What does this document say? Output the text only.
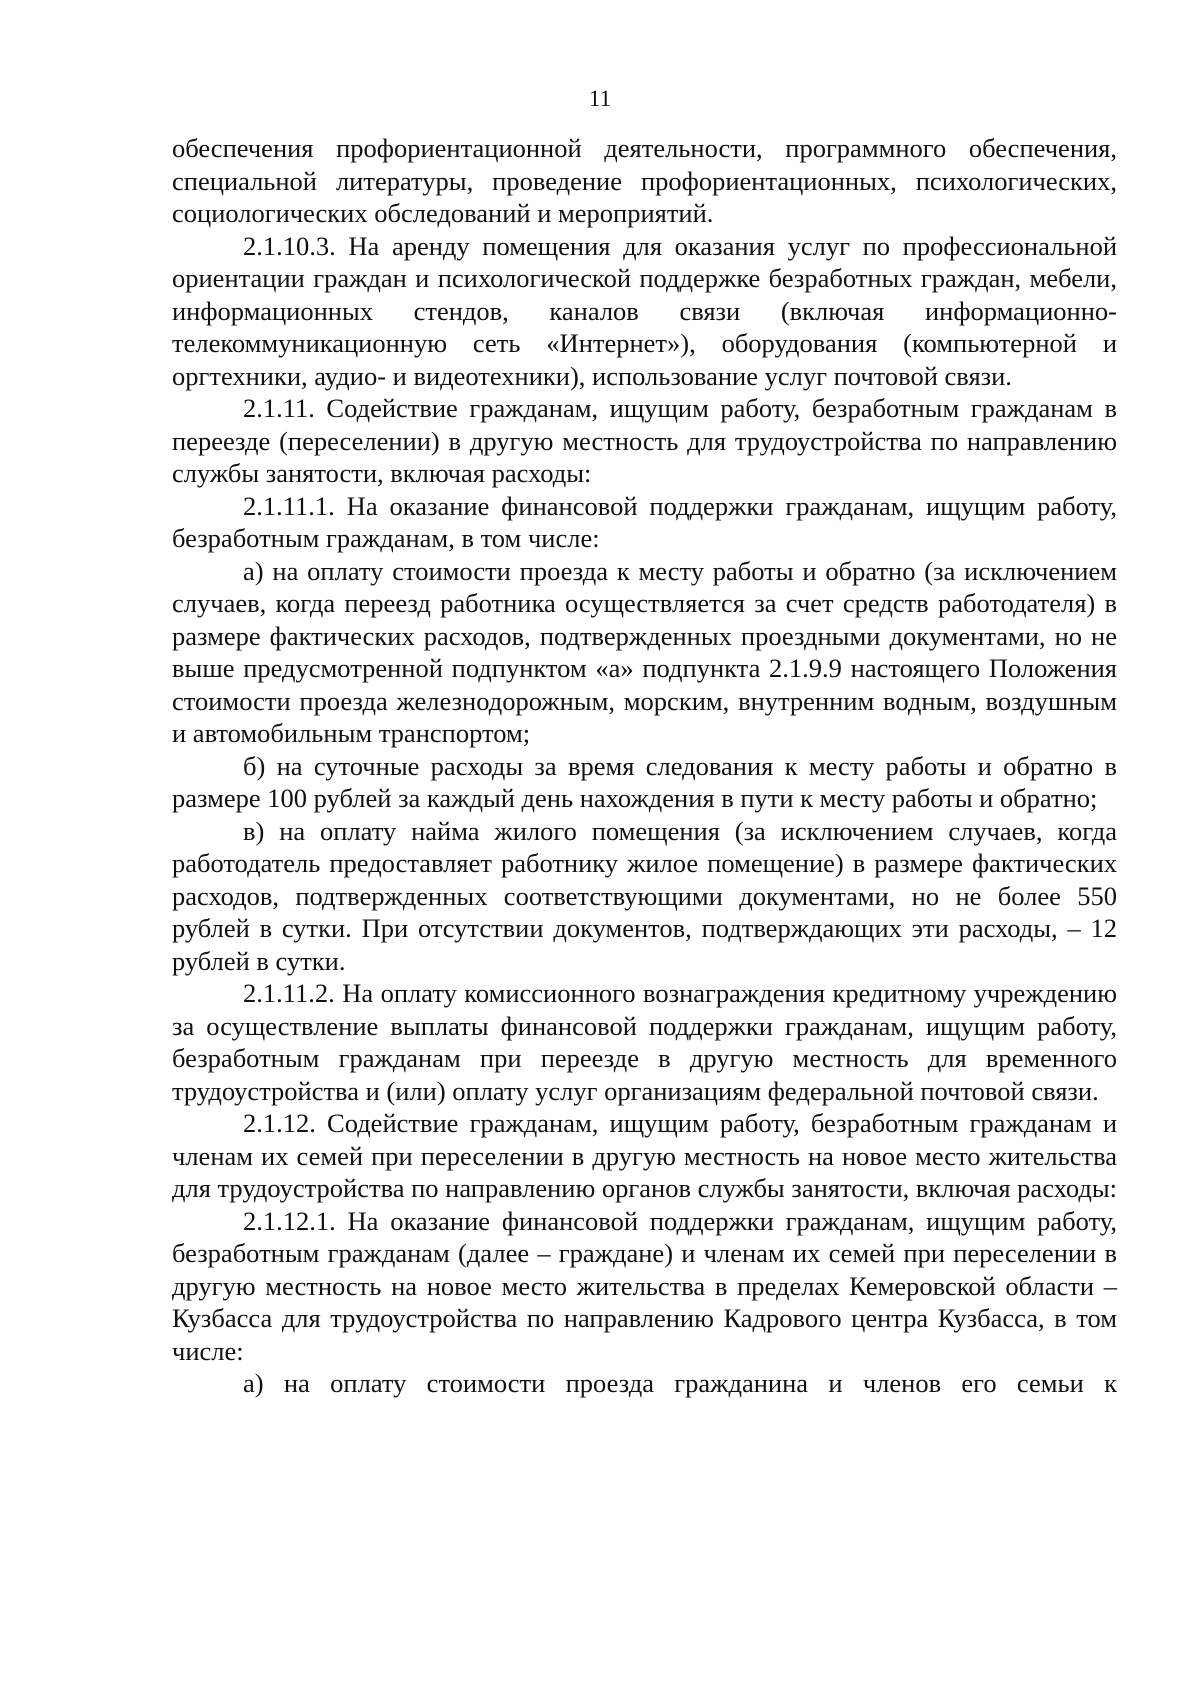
11

обеспечения профориентационной деятельности, программного обеспечения, специальной литературы, проведение профориентационных, психологических, социологических обследований и мероприятий.

2.1.10.3. На аренду помещения для оказания услуг по профессиональной ориентации граждан и психологической поддержке безработных граждан, мебели, информационных стендов, каналов связи (включая информационно-телекоммуникационную сеть «Интернет»), оборудования (компьютерной и оргтехники, аудио- и видеотехники), использование услуг почтовой связи.

2.1.11. Содействие гражданам, ищущим работу, безработным гражданам в переезде (переселении) в другую местность для трудоустройства по направлению службы занятости, включая расходы:

2.1.11.1. На оказание финансовой поддержки гражданам, ищущим работу, безработным гражданам, в том числе:

а) на оплату стоимости проезда к месту работы и обратно (за исключением случаев, когда переезд работника осуществляется за счет средств работодателя) в размере фактических расходов, подтвержденных проездными документами, но не выше предусмотренной подпунктом «а» подпункта 2.1.9.9 настоящего Положения стоимости проезда железнодорожным, морским, внутренним водным, воздушным и автомобильным транспортом;

б) на суточные расходы за время следования к месту работы и обратно в размере 100 рублей за каждый день нахождения в пути к месту работы и обратно;

в) на оплату найма жилого помещения (за исключением случаев, когда работодатель предоставляет работнику жилое помещение) в размере фактических расходов, подтвержденных соответствующими документами, но не более 550 рублей в сутки. При отсутствии документов, подтверждающих эти расходы, – 12 рублей в сутки.

2.1.11.2. На оплату комиссионного вознаграждения кредитному учреждению за осуществление выплаты финансовой поддержки гражданам, ищущим работу, безработным гражданам при переезде в другую местность для временного трудоустройства и (или) оплату услуг организациям федеральной почтовой связи.

2.1.12. Содействие гражданам, ищущим работу, безработным гражданам и членам их семей при переселении в другую местность на новое место жительства для трудоустройства по направлению органов службы занятости, включая расходы:

2.1.12.1. На оказание финансовой поддержки гражданам, ищущим работу, безработным гражданам (далее – граждане) и членам их семей при переселении в другую местность на новое место жительства в пределах Кемеровской области – Кузбасса для трудоустройства по направлению Кадрового центра Кузбасса, в том числе:

а) на оплату стоимости проезда гражданина и членов его семьи к
